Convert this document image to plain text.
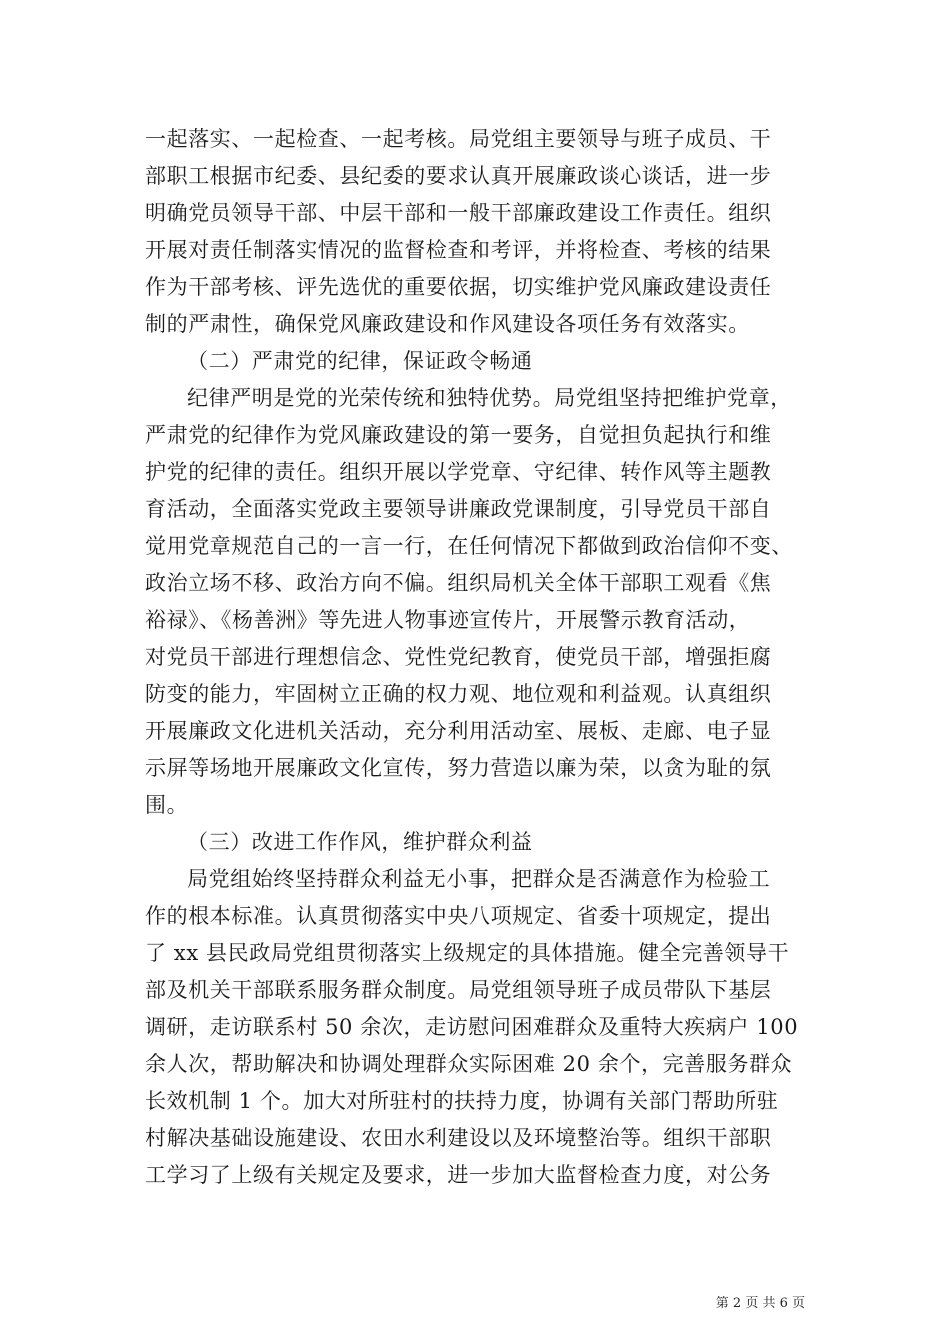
一起落实、一起检查、一起考核。局党组主要领导与班子成员、干
部职工根据市纪委、县纪委的要求认真开展廉政谈心谈话，进一步
明确党员领导干部、中层干部和一般干部廉政建设工作责任。组织
开展对责任制落实情况的监督检查和考评，并将检查、考核的结果
作为干部考核、评先选优的重要依据，切实维护党风廉政建设责任
制的严肃性，确保党风廉政建设和作风建设各项任务有效落实。
（二）严肃党的纪律，保证政令畅通
纪律严明是党的光荣传统和独特优势。局党组坚持把维护党章，
严肃党的纪律作为党风廉政建设的第一要务，自觉担负起执行和维
护党的纪律的责任。组织开展以学党章、守纪律、转作风等主题教
育活动，全面落实党政主要领导讲廉政党课制度，引导党员干部自
觉用党章规范自己的一言一行，在任何情况下都做到政治信仰不变、
政治立场不移、政治方向不偏。组织局机关全体干部职工观看《焦
裕禄》、《杨善洲》等先进人物事迹宣传片，开展警示教育活动，
对党员干部进行理想信念、党性党纪教育，使党员干部，增强拒腐
防变的能力，牢固树立正确的权力观、地位观和利益观。认真组织
开展廉政文化进机关活动，充分利用活动室、展板、走廊、电子显
示屏等场地开展廉政文化宣传，努力营造以廉为荣，以贪为耻的氛
围。
（三）改进工作作风，维护群众利益
局党组始终坚持群众利益无小事，把群众是否满意作为检验工
作的根本标准。认真贯彻落实中央八项规定、省委十项规定，提出
了 xx 县民政局党组贯彻落实上级规定的具体措施。健全完善领导干
部及机关干部联系服务群众制度。局党组领导班子成员带队下基层
调研，走访联系村 50 余次，走访慰问困难群众及重特大疾病户 100
余人次，帮助解决和协调处理群众实际困难 20 余个，完善服务群众
长效机制 1 个。加大对所驻村的扶持力度，协调有关部门帮助所驻
村解决基础设施建设、农田水利建设以及环境整治等。组织干部职
工学习了上级有关规定及要求，进一步加大监督检查力度，对公务
第 2 页 共 6 页
